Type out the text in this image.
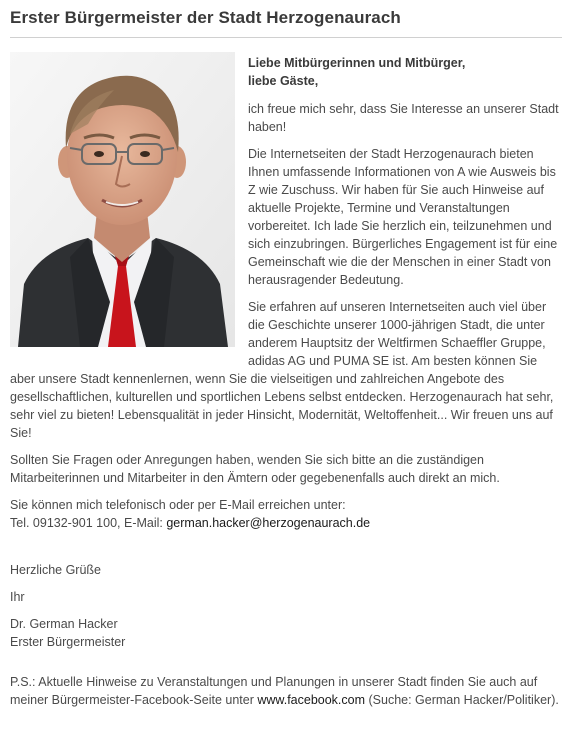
Erster Bürgermeister der Stadt Herzogenaurach

Liebe Mitbürgerinnen und Mitbürger,
liebe Gäste,

ich freue mich sehr, dass Sie Interesse an unserer Stadt haben!

Die Internetseiten der Stadt Herzogenaurach bieten Ihnen umfassende Informationen von A wie Ausweis bis Z wie Zuschuss. Wir haben für Sie auch Hinweise auf aktuelle Projekte, Termine und Veranstaltungen vorbereitet. Ich lade Sie herzlich ein, teilzunehmen und sich einzubringen. Bürgerliches Engagement ist für eine Gemeinschaft wie die der Menschen in einer Stadt von herausragender Bedeutung.

Sie erfahren auf unseren Internetseiten auch viel über die Geschichte unserer 1000-jährigen Stadt, die unter anderem Hauptsitz der Weltfirmen Schaeffler Gruppe, adidas AG und PUMA SE ist. Am besten können Sie aber unsere Stadt kennenlernen, wenn Sie die vielseitigen und zahlreichen Angebote des gesellschaftlichen, kulturellen und sportlichen Lebens selbst entdecken. Herzogenaurach hat sehr, sehr viel zu bieten! Lebensqualität in jeder Hinsicht, Modernität, Weltoffenheit... Wir freuen uns auf Sie!

Sollten Sie Fragen oder Anregungen haben, wenden Sie sich bitte an die zuständigen Mitarbeiterinnen und Mitarbeiter in den Ämtern oder gegebenenfalls auch direkt an mich.

Sie können mich telefonisch oder per E-Mail erreichen unter:
Tel. 09132-901 100, E-Mail: german.hacker@herzogenaurach.de

Herzliche Grüße

Ihr

Dr. German Hacker
Erster Bürgermeister

P.S.: Aktuelle Hinweise zu Veranstaltungen und Planungen in unserer Stadt finden Sie auch auf meiner Bürgermeister-Facebook-Seite unter www.facebook.com (Suche: German Hacker/Politiker).
